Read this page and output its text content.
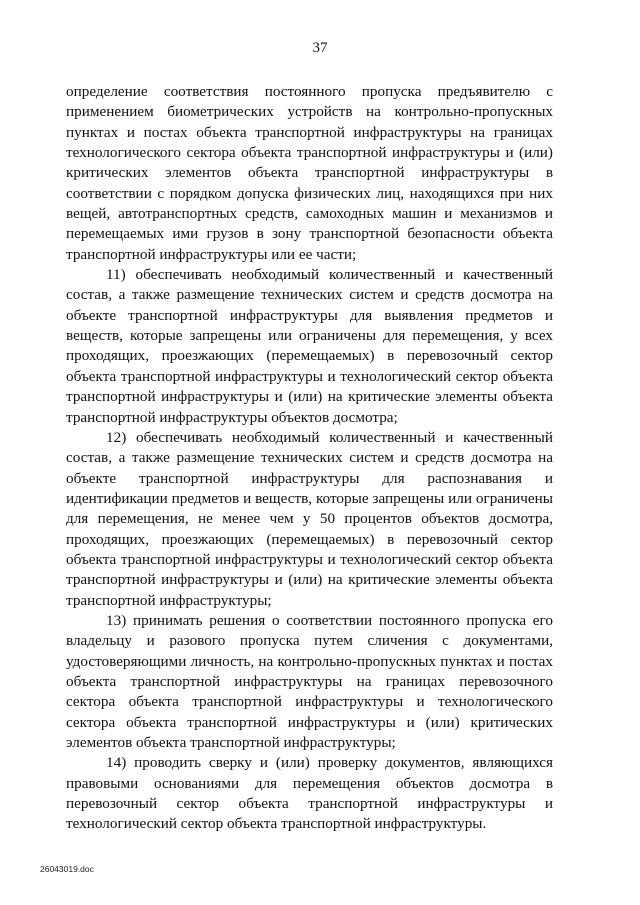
37

определение соответствия постоянного пропуска предъявителю с применением биометрических устройств на контрольно-пропускных пунктах и постах объекта транспортной инфраструктуры на границах технологического сектора объекта транспортной инфраструктуры и (или) критических элементов объекта транспортной инфраструктуры в соответствии с порядком допуска физических лиц, находящихся при них вещей, автотранспортных средств, самоходных машин и механизмов и перемещаемых ими грузов в зону транспортной безопасности объекта транспортной инфраструктуры или ее части;

11) обеспечивать необходимый количественный и качественный состав, а также размещение технических систем и средств досмотра на объекте транспортной инфраструктуры для выявления предметов и веществ, которые запрещены или ограничены для перемещения, у всех проходящих, проезжающих (перемещаемых) в перевозочный сектор объекта транспортной инфраструктуры и технологический сектор объекта транспортной инфраструктуры и (или) на критические элементы объекта транспортной инфраструктуры объектов досмотра;

12) обеспечивать необходимый количественный и качественный состав, а также размещение технических систем и средств досмотра на объекте транспортной инфраструктуры для распознавания и идентификации предметов и веществ, которые запрещены или ограничены для перемещения, не менее чем у 50 процентов объектов досмотра, проходящих, проезжающих (перемещаемых) в перевозочный сектор объекта транспортной инфраструктуры и технологический сектор объекта транспортной инфраструктуры и (или) на критические элементы объекта транспортной инфраструктуры;

13) принимать решения о соответствии постоянного пропуска его владельцу и разового пропуска путем сличения с документами, удостоверяющими личность, на контрольно-пропускных пунктах и постах объекта транспортной инфраструктуры на границах перевозочного сектора объекта транспортной инфраструктуры и технологического сектора объекта транспортной инфраструктуры и (или) критических элементов объекта транспортной инфраструктуры;

14) проводить сверку и (или) проверку документов, являющихся правовыми основаниями для перемещения объектов досмотра в перевозочный сектор объекта транспортной инфраструктуры и технологический сектор объекта транспортной инфраструктуры.

26043019.doc
